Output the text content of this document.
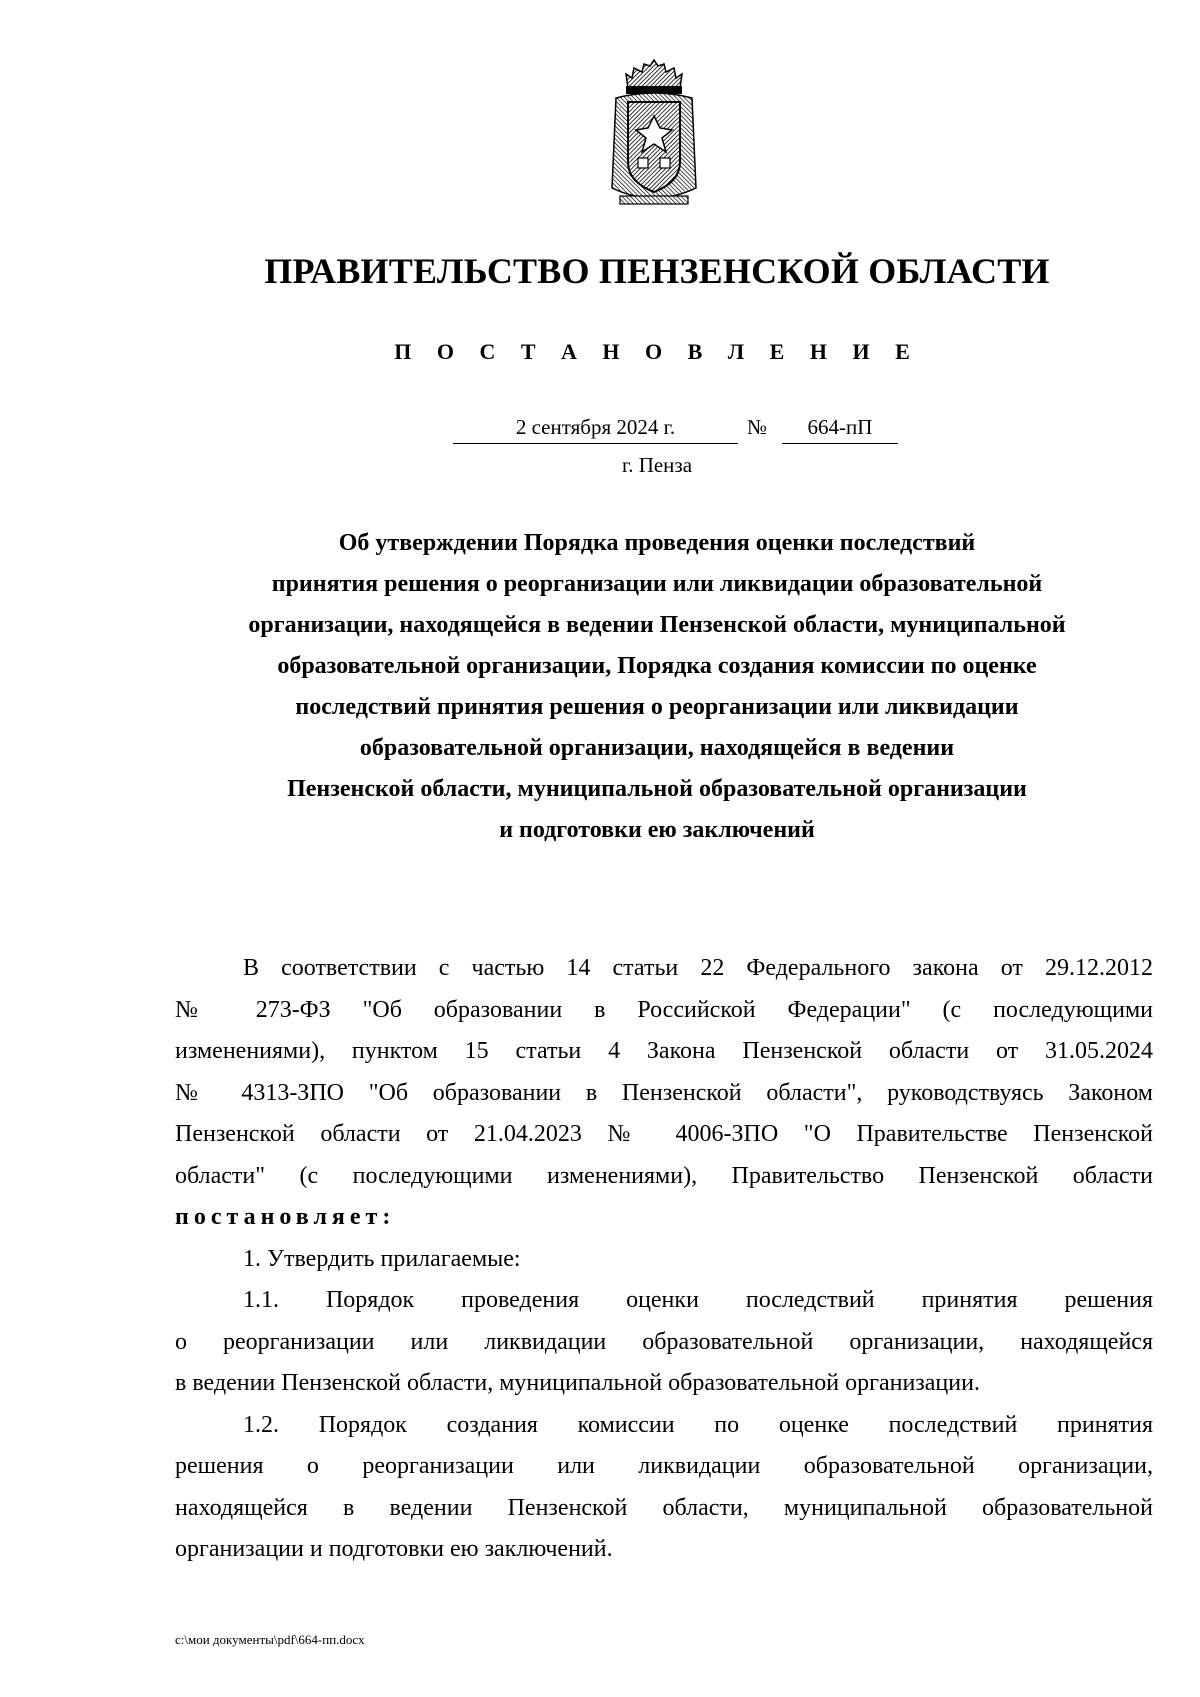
ПРАВИТЕЛЬСТВО ПЕНЗЕНСКОЙ ОБЛАСТИ
П О С Т А Н О В Л Е Н И Е
2 сентября 2024 г.	№	664-пП
г. Пенза
Об утверждении Порядка проведения оценки последствий
принятия решения о реорганизации или ликвидации образовательной
организации, находящейся в ведении Пензенской области, муниципальной
образовательной организации, Порядка создания комиссии по оценке
последствий принятия решения о реорганизации или ликвидации
образовательной организации, находящейся в ведении
Пензенской области, муниципальной образовательной организации
и подготовки ею заключений

В соответствии с частью 14 статьи 22 Федерального закона от 29.12.2012

№ 273-ФЗ "Об образовании в Российской Федерации" (с последующими

изменениями), пунктом 15 статьи 4 Закона Пензенской области от 31.05.2024

№ 4313-ЗПО "Об образовании в Пензенской области", руководствуясь Законом

Пензенской области от 21.04.2023 № 4006-ЗПО "О Правительстве Пензенской

области" (с последующими изменениями), Правительство Пензенской области

постановляет:

1. Утвердить прилагаемые:

1.1. Порядок проведения оценки последствий принятия решения

о реорганизации или ликвидации образовательной организации, находящейся

в ведении Пензенской области, муниципальной образовательной организации.

1.2. Порядок создания комиссии по оценке последствий принятия

решения о реорганизации или ликвидации образовательной организации,

находящейся в ведении Пензенской области, муниципальной образовательной

организации и подготовки ею заключений.

c:\мои документы\pdf\664-пп.docx
